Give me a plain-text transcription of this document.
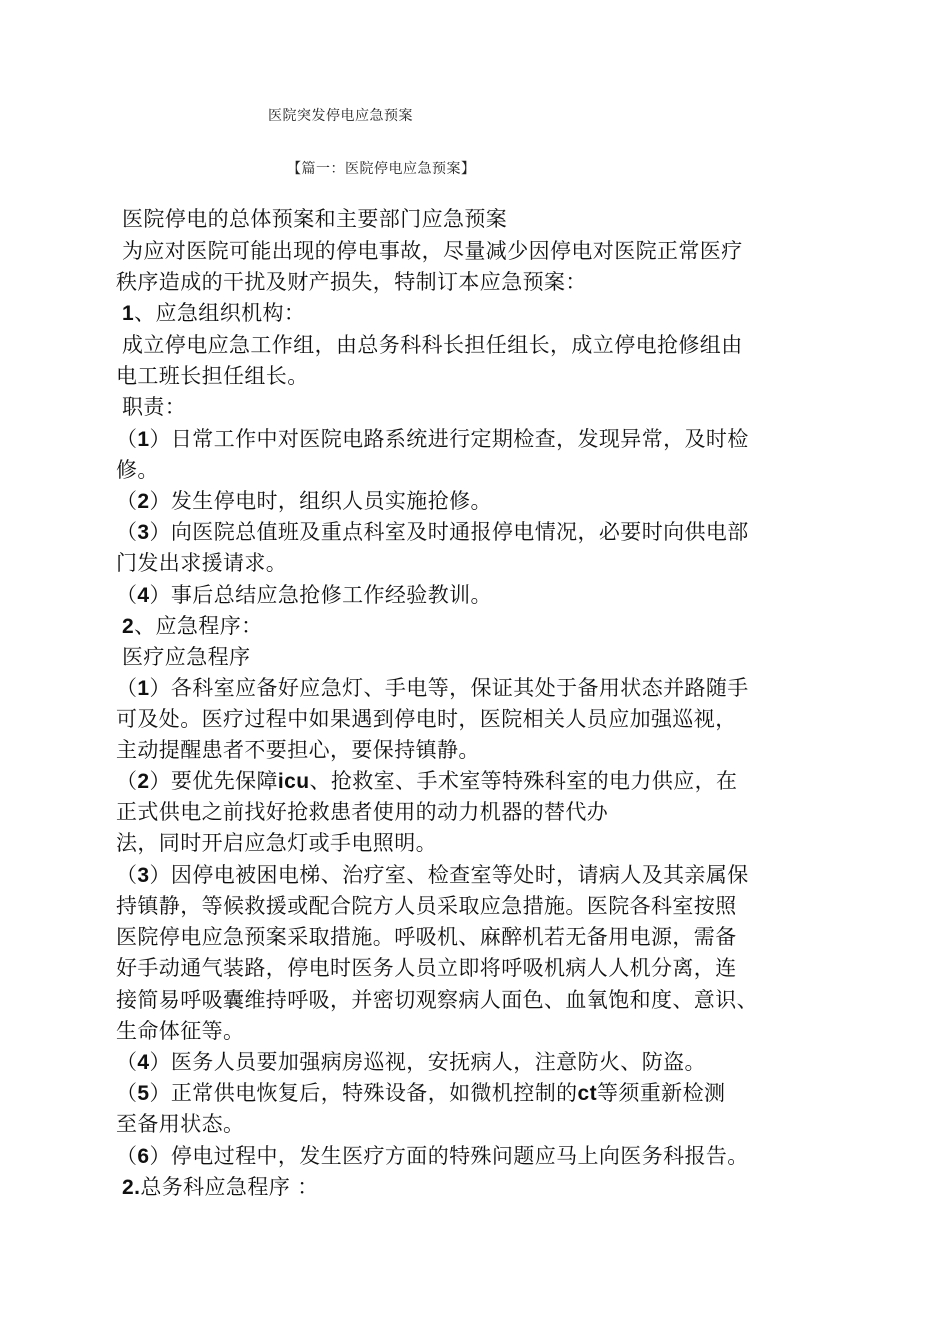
医院突发停电应急预案
【篇一：医院停电应急预案】
医院停电的总体预案和主要部门应急预案
为应对医院可能出现的停电事故，尽量减少因停电对医院正常医疗
秩序造成的干扰及财产损失，特制订本应急预案：
1、应急组织机构：
成立停电应急工作组，由总务科科长担任组长，成立停电抢修组由
电工班长担任组长。
职责：
（1）日常工作中对医院电路系统进行定期检查，发现异常，及时检
修。
（2）发生停电时，组织人员实施抢修。
（3）向医院总值班及重点科室及时通报停电情况，必要时向供电部
门发出求援请求。
（4）事后总结应急抢修工作经验教训。
2、应急程序：
医疗应急程序
（1）各科室应备好应急灯、手电等，保证其处于备用状态并路随手
可及处。医疗过程中如果遇到停电时，医院相关人员应加强巡视，
主动提醒患者不要担心，要保持镇静。
（2）要优先保障icu、抢救室、手术室等特殊科室的电力供应，在
正式供电之前找好抢救患者使用的动力机器的替代办
法，同时开启应急灯或手电照明。
（3）因停电被困电梯、治疗室、检查室等处时，请病人及其亲属保
持镇静，等候救援或配合院方人员采取应急措施。医院各科室按照
医院停电应急预案采取措施。呼吸机、麻醉机若无备用电源，需备
好手动通气装路，停电时医务人员立即将呼吸机病人人机分离，连
接简易呼吸囊维持呼吸，并密切观察病人面色、血氧饱和度、意识、
生命体征等。
（4）医务人员要加强病房巡视，安抚病人，注意防火、防盗。
（5）正常供电恢复后，特殊设备，如微机控制的ct等须重新检测
至备用状态。
（6）停电过程中，发生医疗方面的特殊问题应马上向医务科报告。
2.总务科应急程序 ：
